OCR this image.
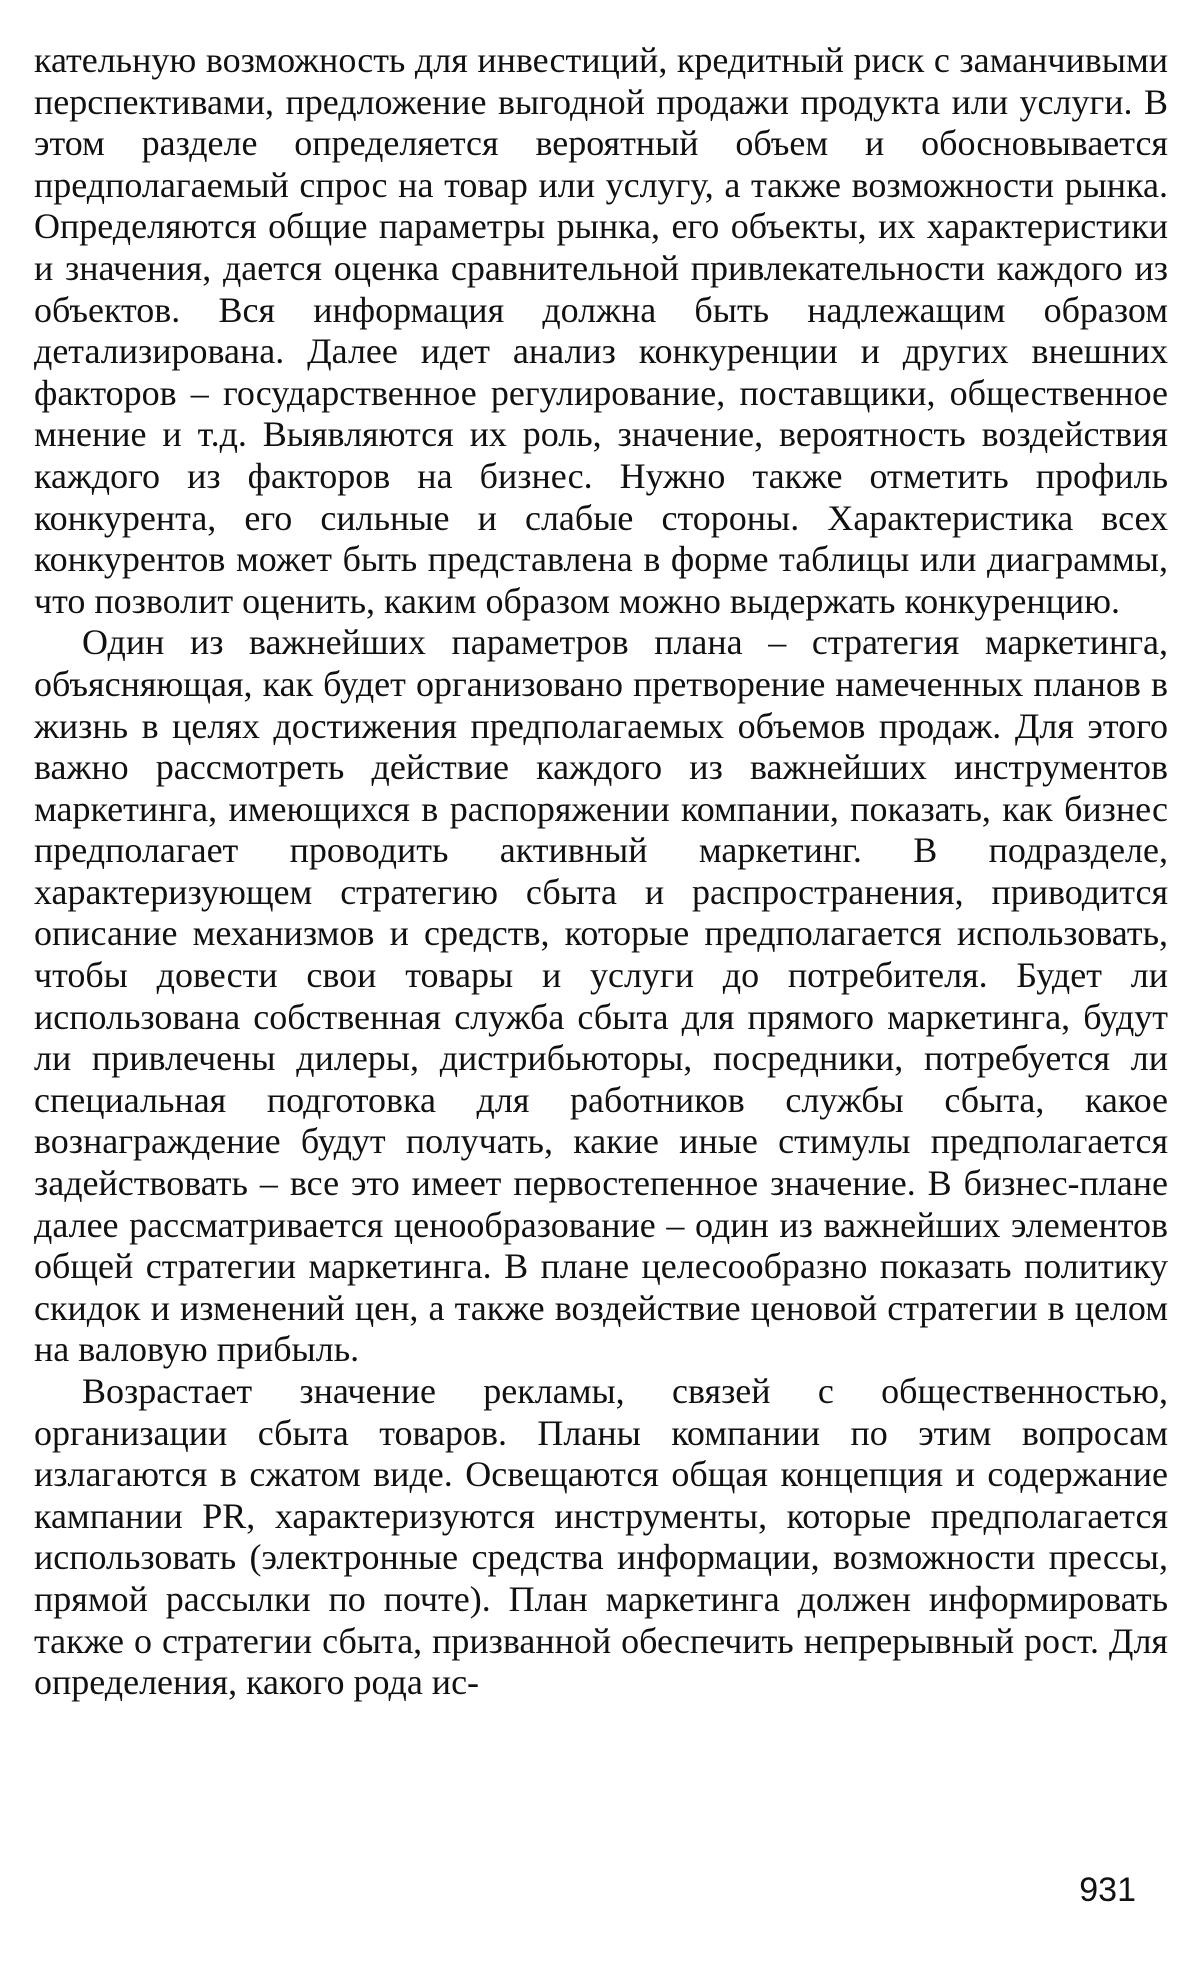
кательную возможность для инвестиций, кредитный риск с заманчивыми перспективами, предложение выгодной продажи продукта или услуги. В этом разделе определяется вероятный объем и обосновывается предполагаемый спрос на товар или услугу, а также возможности рынка. Определяются общие параметры рынка, его объекты, их характеристики и значения, дается оценка сравнительной привлекательности каждого из объектов. Вся информация должна быть надлежащим образом детализирована. Далее идет анализ конкуренции и других внешних факторов – государственное регулирование, поставщики, общественное мнение и т.д. Выявляются их роль, значение, вероятность воздействия каждого из факторов на бизнес. Нужно также отметить профиль конкурента, его сильные и слабые стороны. Характеристика всех конкурентов может быть представлена в форме таблицы или диаграммы, что позволит оценить, каким образом можно выдержать конкуренцию.

Один из важнейших параметров плана – стратегия маркетинга, объясняющая, как будет организовано претворение намеченных планов в жизнь в целях достижения предполагаемых объемов продаж. Для этого важно рассмотреть действие каждого из важнейших инструментов маркетинга, имеющихся в распоряжении компании, показать, как бизнес предполагает проводить активный маркетинг. В подразделе, характеризующем стратегию сбыта и распространения, приводится описание механизмов и средств, которые предполагается использовать, чтобы довести свои товары и услуги до потребителя. Будет ли использована собственная служба сбыта для прямого маркетинга, будут ли привлечены дилеры, дистрибьюторы, посредники, потребуется ли специальная подготовка для работников службы сбыта, какое вознаграждение будут получать, какие иные стимулы предполагается задействовать – все это имеет первостепенное значение. В бизнес-плане далее рассматривается ценообразование – один из важнейших элементов общей стратегии маркетинга. В плане целесообразно показать политику скидок и изменений цен, а также воздействие ценовой стратегии в целом на валовую прибыль.

Возрастает значение рекламы, связей с общественностью, организации сбыта товаров. Планы компании по этим вопросам излагаются в сжатом виде. Освещаются общая концепция и содержание кампании PR, характеризуются инструменты, которые предполагается использовать (электронные средства информации, возможности прессы, прямой рассылки по почте). План маркетинга должен информировать также о стратегии сбыта, призванной обеспечить непрерывный рост. Для определения, какого рода ис-

931
